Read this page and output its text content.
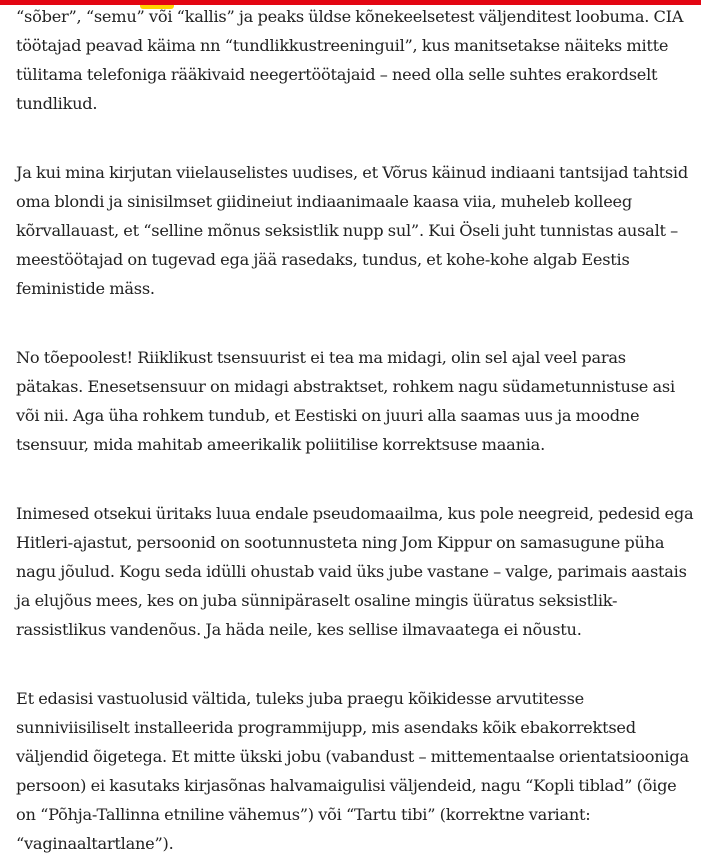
“sõber”, “semu” või “kallis” ja peaks üldse kõnekeelsetest väljenditest loobuma. CIA töötajad peavad käima nn “tundlikkustreeninguil”, kus manitsetakse näiteks mitte tülitama telefoniga rääkivaid neegertöötajaid – need olla selle suhtes erakordselt tundlikud.

Ja kui mina kirjutan viielauselistes uudises, et Võrus käinud indiaani tantsijad tahtsid oma blondi ja sinisilmset giidineiut indiaanimaale kaasa viia, muheleb kolleeg kõrvallauast, et “selline mõnus seksistlik nupp sul”. Kui Öseli juht tunnistas ausalt – meestöötajad on tugevad ega jää rasedaks, tundus, et kohe-kohe algab Eestis feministide mäss.

No tõepoolest! Riiklikust tsensuurist ei tea ma midagi, olin sel ajal veel paras pätakas. Enesetsensuur on midagi abstraktset, rohkem nagu südametunnistuse asi või nii. Aga üha rohkem tundub, et Eestiski on juuri alla saamas uus ja moodne tsensuur, mida mahitab ameerikalik poliitilise korrektsuse maania.

Inimesed otsekui üritaks luua endale pseudomaailma, kus pole neegreid, pedesid ega Hitleri-ajastut, persoonid on sootunnusteta ning Jom Kippur on samasugune püha nagu jõulud. Kogu seda idülli ohustab vaid üks jube vastane – valge, parimais aastais ja elujõus mees, kes on juba sünnipäraselt osaline mingis üüratus seksistlik-rassistlikus vandenõus. Ja häda neile, kes sellise ilmavaatega ei nõustu.

Et edasisi vastuolusid vältida, tuleks juba praegu kõikidesse arvutitesse sunniviisiliselt installeerida programmijupp, mis asendaks kõik ebakorrektsed väljendid õigetega. Et mitte ükski jobu (vabandust – mittementaalse orientatsiooniga persoon) ei kasutaks kirjasõnas halvamaigulisi väljendeid, nagu “Kopli tiblad” (õige on “Põhja-Tallinna etniline vähemus”) või “Tartu tibi” (korrektne variant: “vaginaaltartlane”).
